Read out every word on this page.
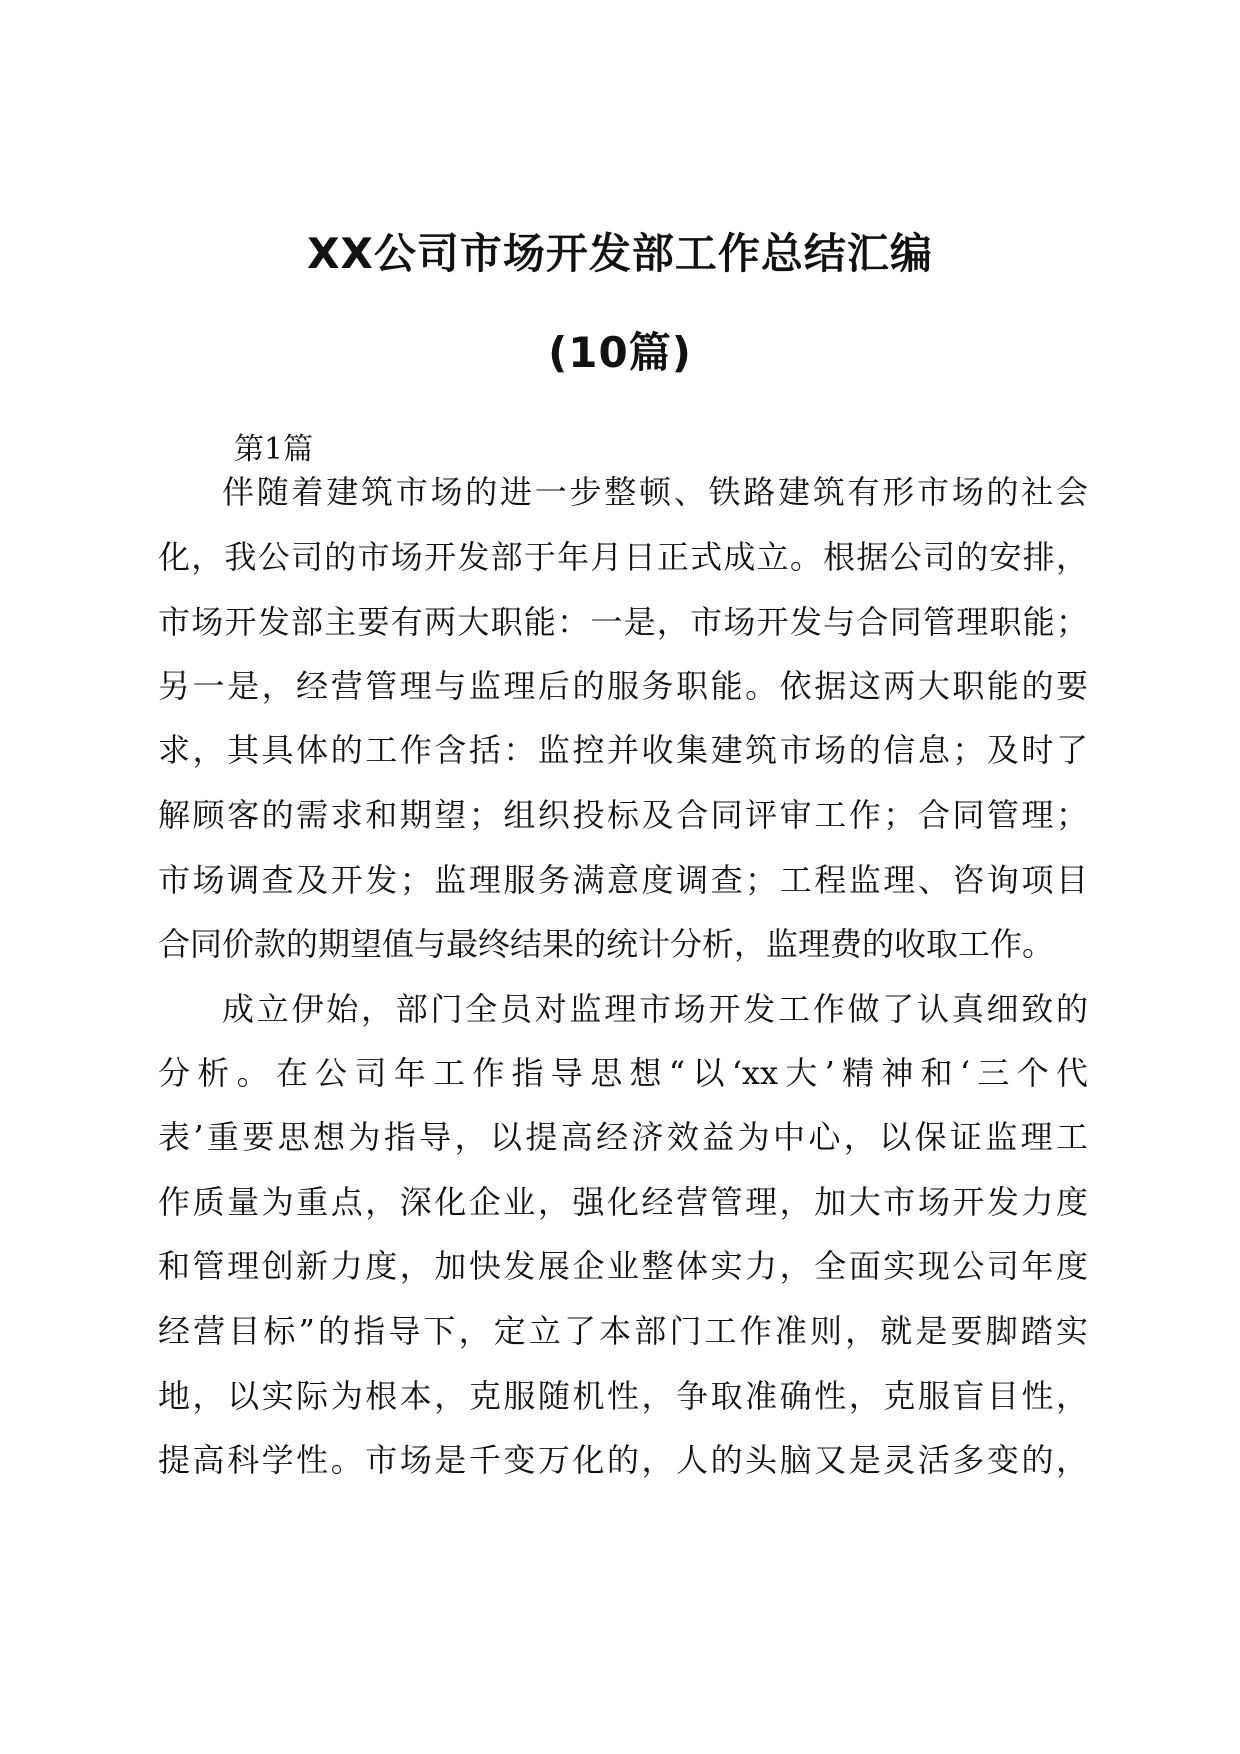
XX公司市场开发部工作总结汇编
(10篇)
第1篇
伴随着建筑市场的进一步整顿、铁路建筑有形市场的社会
化，我公司的市场开发部于年月日正式成立。根据公司的安排，
市场开发部主要有两大职能：一是，市场开发与合同管理职能；
另一是，经营管理与监理后的服务职能。依据这两大职能的要
求，其具体的工作含括：监控并收集建筑市场的信息；及时了
解顾客的需求和期望；组织投标及合同评审工作；合同管理；
市场调查及开发；监理服务满意度调查；工程监理、咨询项目
合同价款的期望值与最终结果的统计分析，监理费的收取工作。
成立伊始，部门全员对监理市场开发工作做了认真细致的
分析。在公司年工作指导思想“以‘xx大’精神和‘三个代
表’重要思想为指导，以提高经济效益为中心，以保证监理工
作质量为重点，深化企业，强化经营管理，加大市场开发力度
和管理创新力度，加快发展企业整体实力，全面实现公司年度
经营目标”的指导下，定立了本部门工作准则，就是要脚踏实
地，以实际为根本，克服随机性，争取准确性，克服盲目性，
提高科学性。市场是千变万化的，人的头脑又是灵活多变的，
